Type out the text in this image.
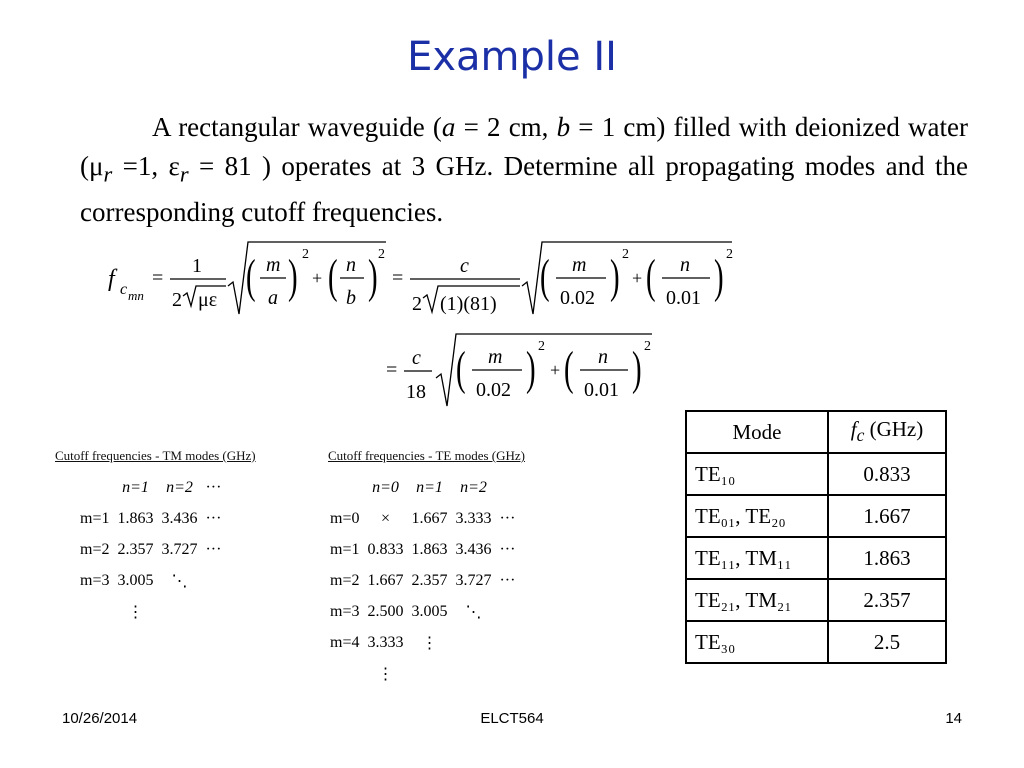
Example II
A rectangular waveguide (a = 2 cm, b = 1 cm) filled with deionized water ($\mu_r =1$, $\varepsilon_r = 81$ ) operates at 3 GHz. Determine all propagating modes and the corresponding cutoff frequencies.
f c mn
=
1
2 με ( m
a ) 2
+ ( n
b ) 2
=
c
2 (1)(81)
( m
0.02 ) 2
+ ( n
0.01 ) 2
=
c
18 ( m
0.02 ) 2
+ ( n
0.01 ) 2
Cutoff frequencies - TM modes (GHz)
	n=1	n=2	···
m=1	1.863	3.436	···
m=2	2.357	3.727	···
m=3	3.005	⋱	
	⋮		
Cutoff frequencies - TE modes (GHz)
	n=0	n=1	n=2	
m=0	×	1.667	3.333	···
m=1	0.833	1.863	3.436	···
m=2	1.667	2.357	3.727	···
m=3	2.500	3.005	⋱	
m=4	3.333	⋮		
	⋮			
Mode	$f_c$ (GHz)
TE₁₀	0.833
TE₀₁, TE₂₀	1.667
TE₁₁, TM₁₁	1.863
TE₂₁, TM₂₁	2.357
TE₃₀	2.5
10/26/2014	ELCT564	14
